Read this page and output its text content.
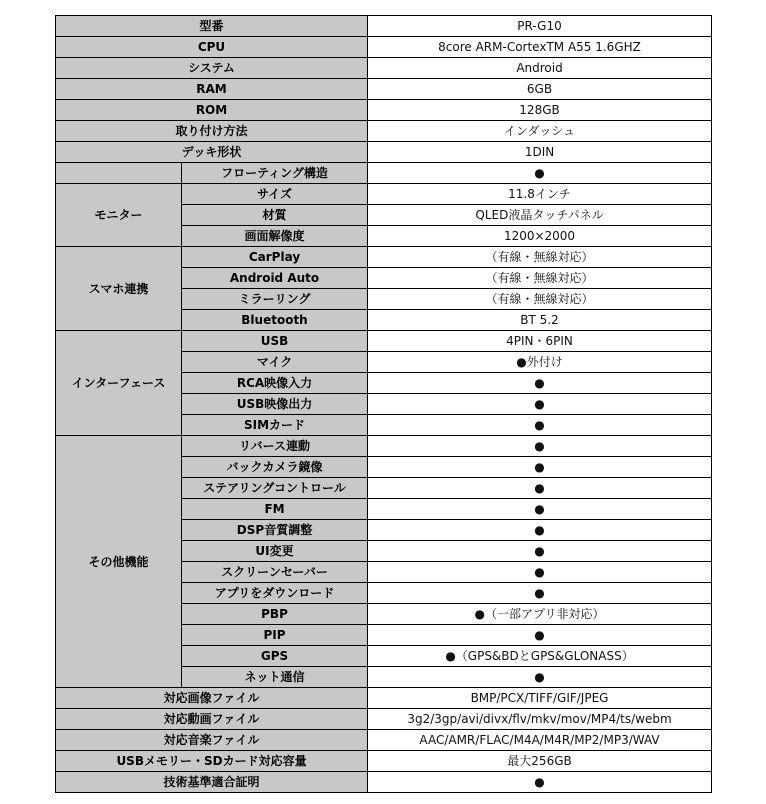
型番		PR-G10
CPU		8core ARM-CortexTM A55 1.6GHZ
システム		Android
RAM		6GB
ROM		128GB
取り付け方法		インダッシュ
デッキ形状		1DIN
	フローティング構造	●
モニター	サイズ	11.8インチ
	材質	QLED液晶タッチパネル
	画面解像度	1200×2000
スマホ連携	CarPlay	（有線・無線対応）
	Android Auto	（有線・無線対応）
	ミラーリング	（有線・無線対応）
	Bluetooth	BT 5.2
インターフェース	USB	4PIN・6PIN
	マイク	●外付け
	RCA映像入力	●
	USB映像出力	●
	SIMカード	●
その他機能	リバース連動	●
	バックカメラ鏡像	●
	ステアリングコントロール	●
	FM	●
	DSP音質調整	●
	UI変更	●
	スクリーンセーバー	●
	アプリをダウンロード	●
	PBP	●（一部アプリ非対応）
	PIP	●
	GPS	●（GPS&BDとGPS&GLONASS）
	ネット通信	●
対応画像ファイル		BMP/PCX/TIFF/GIF/JPEG
対応動画ファイル		3g2/3gp/avi/divx/flv/mkv/mov/MP4/ts/webm
対応音楽ファイル		AAC/AMR/FLAC/M4A/M4R/MP2/MP3/WAV
USBメモリー・SDカード対応容量		最大256GB
技術基準適合証明		●
